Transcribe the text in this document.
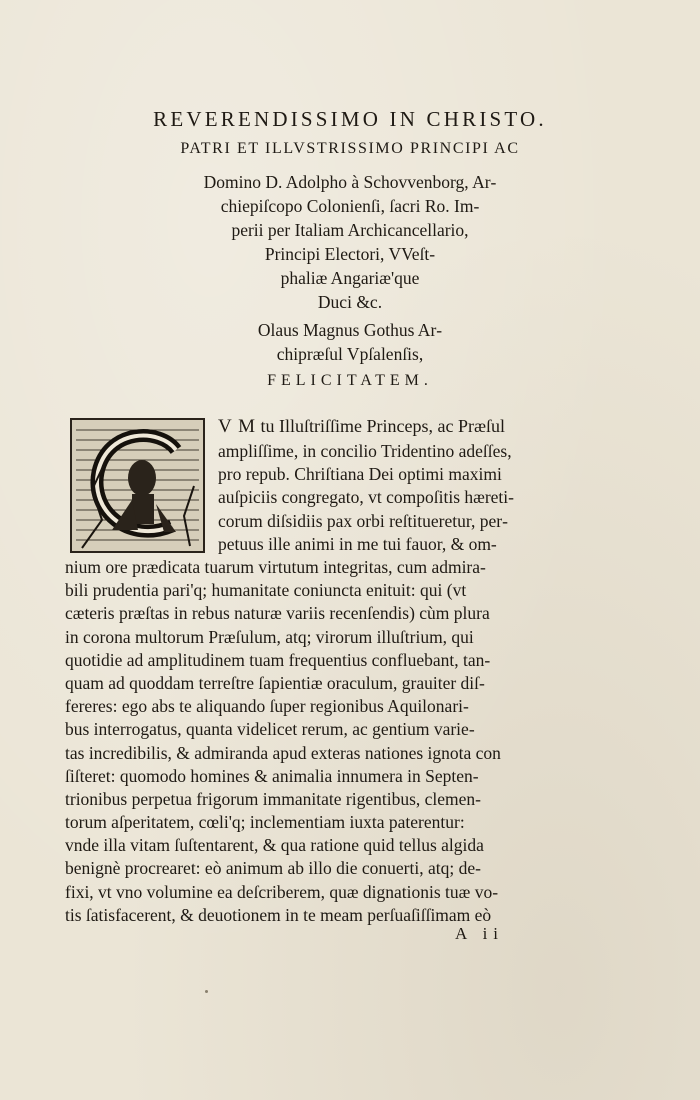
REVERENDISSIMO IN CHRISTO.
PATRI ET ILLVSTRISSIMO PRINCIPI AC
Domino D. Adolpho à Schovvenborg, Ar‑
chiepiſcopo Colonienſi, ſacri Ro. Im‑
perii per Italiam Archicancellario,
Principi Electori, VVeſt‑
phaliæ Angariæ'que
Duci &c.
Olaus Magnus Gothus Ar‑
chipræſul Vpſalenſis,
FELICITATEM.
V M tu Illuſtriſſime Princeps, ac Præſul
ampliſſime, in concilio Tridentino adeſſes,
pro repub. Chriſtiana Dei optimi maximi
auſpiciis congregato, vt compoſitis hæreti‑
corum diſsidiis pax orbi reſtitueretur, per‑
petuus ille animi in me tui fauor, & om‑
nium ore prædicata tuarum virtutum integritas, cum admira‑
bili prudentia pari'q; humanitate coniuncta enituit: qui (vt
cæteris præſtas in rebus naturæ variis recenſendis) cùm plura
in corona multorum Præſulum, atq; virorum illuſtrium, qui
quotidie ad amplitudinem tuam frequentius confluebant, tan‑
quam ad quoddam terreſtre ſapientiæ oraculum, grauiter diſ‑
fereres: ego abs te aliquando ſuper regionibus Aquilonari‑
bus interrogatus, quanta videlicet rerum, ac gentium varie‑
tas incredibilis, & admiranda apud exteras nationes ignota con
ſiſteret: quomodo homines & animalia innumera in Septen‑
trionibus perpetua frigorum immanitate rigentibus, clemen‑
torum aſperitatem, cœli'q; inclementiam iuxta paterentur:
vnde illa vitam ſuſtentarent, & qua ratione quid tellus algida
benignè procrearet: eò animum ab illo die conuerti, atq; de‑
fixi, vt vno volumine ea deſcriberem, quæ dignationis tuæ vo‑
tis ſatisfacerent, & deuotionem in te meam perſuaſiſſimam eò
A ii
